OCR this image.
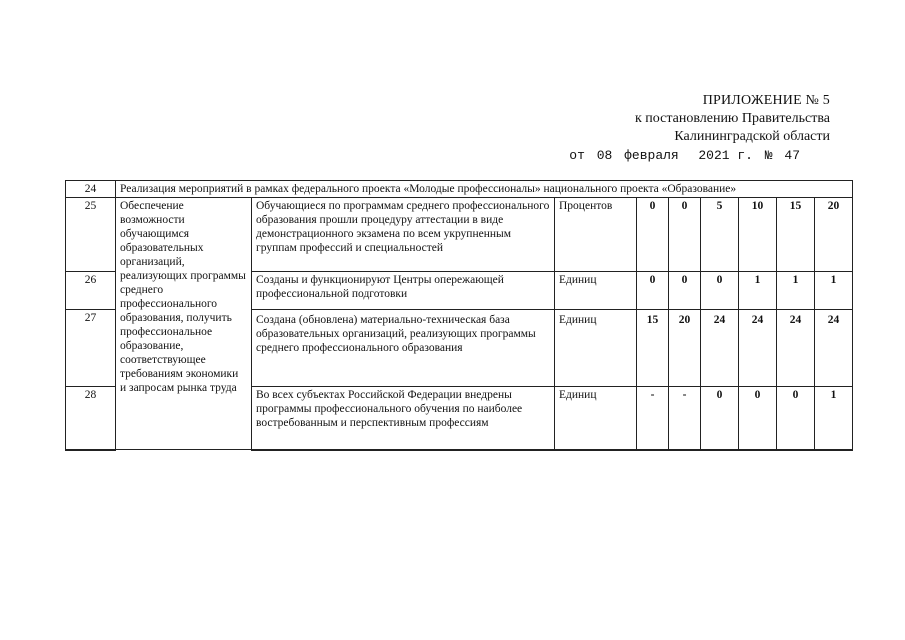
ПРИЛОЖЕНИЕ № 5
к постановлению Правительства
Калининградской области
от 08 февраля 2021 г. № 47
24	Реализация мероприятий в рамках федерального проекта «Молодые профессионалы» национального проекта «Образование»								
25	Обеспечение возможности обучающимся образовательных организаций, реализующих программы среднего профессионального образования, получить профессиональное образование, соответствующее требованиям экономики и запросам рынка труда	Обучающиеся по программам среднего профессионального образования прошли процедуру аттестации в виде демонстрационного экзамена по всем укрупненным группам профессий и специальностей	Процентов	0	0	5	10	15	20
26		Созданы и функционируют Центры опережающей профессиональной подготовки	Единиц	0	0	0	1	1	1
27		Создана (обновлена) материально-техническая база образовательных организаций, реализующих программы среднего профессионального образования	Единиц	15	20	24	24	24	24
28		Во всех субъектах Российской Федерации внедрены программы профессионального обучения по наиболее востребованным и перспективным профессиям	Единиц	-	-	0	0	0	1
